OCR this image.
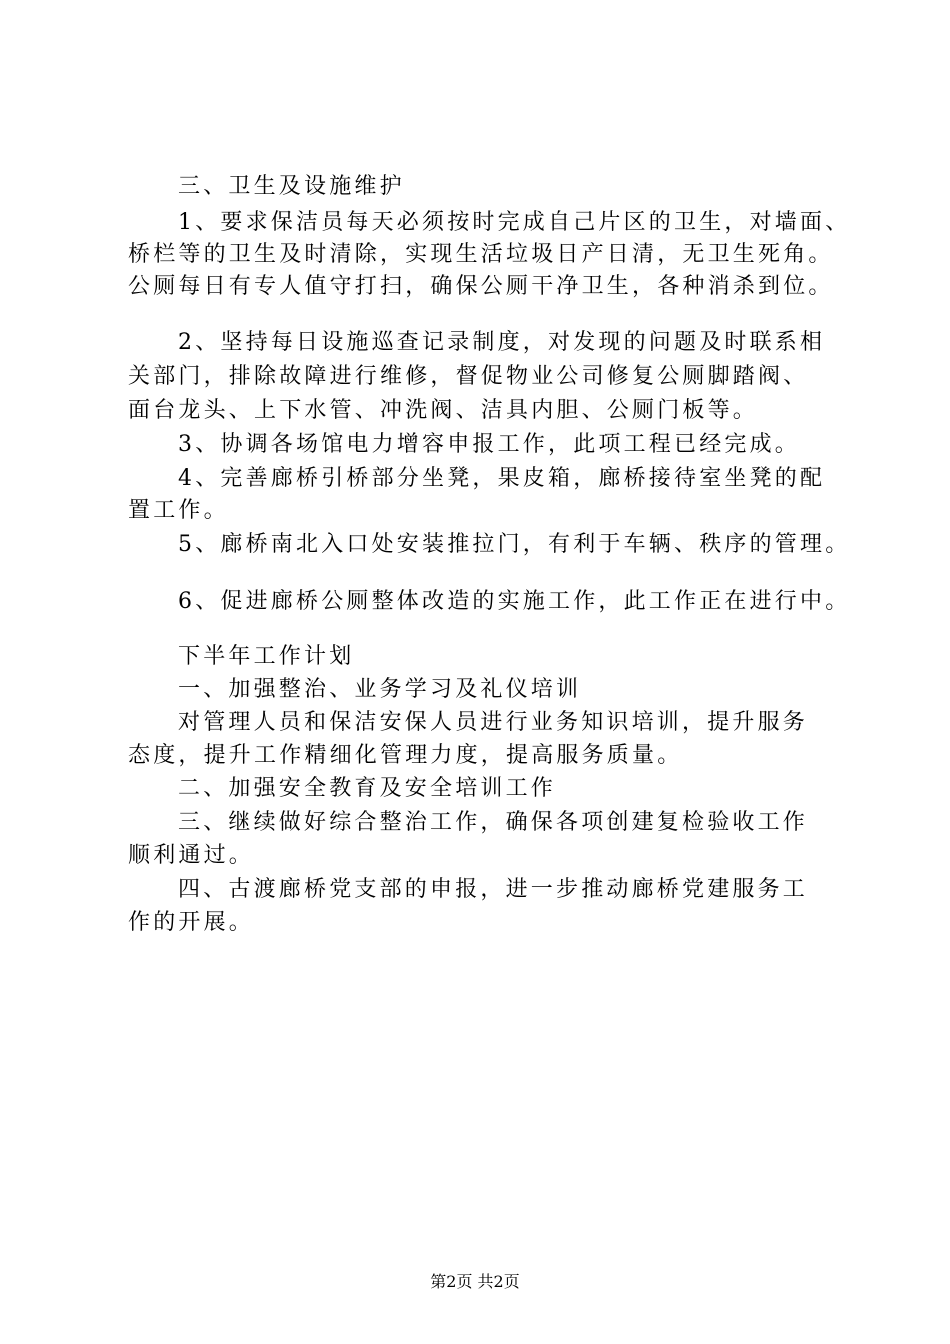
三、卫生及设施维护
1、要求保洁员每天必须按时完成自己片区的卫生，对墙面、
桥栏等的卫生及时清除，实现生活垃圾日产日清，无卫生死角。
公厕每日有专人值守打扫，确保公厕干净卫生，各种消杀到位。
2、坚持每日设施巡查记录制度，对发现的问题及时联系相
关部门，排除故障进行维修，督促物业公司修复公厕脚踏阀、
面台龙头、上下水管、冲洗阀、洁具内胆、公厕门板等。
3、协调各场馆电力增容申报工作，此项工程已经完成。
4、完善廊桥引桥部分坐凳，果皮箱，廊桥接待室坐凳的配
置工作。
5、廊桥南北入口处安装推拉门，有利于车辆、秩序的管理。
6、促进廊桥公厕整体改造的实施工作，此工作正在进行中。
下半年工作计划
一、加强整治、业务学习及礼仪培训
对管理人员和保洁安保人员进行业务知识培训，提升服务
态度，提升工作精细化管理力度，提高服务质量。
二、加强安全教育及安全培训工作
三、继续做好综合整治工作，确保各项创建复检验收工作
顺利通过。
四、古渡廊桥党支部的申报，进一步推动廊桥党建服务工
作的开展。
第2页 共2页
